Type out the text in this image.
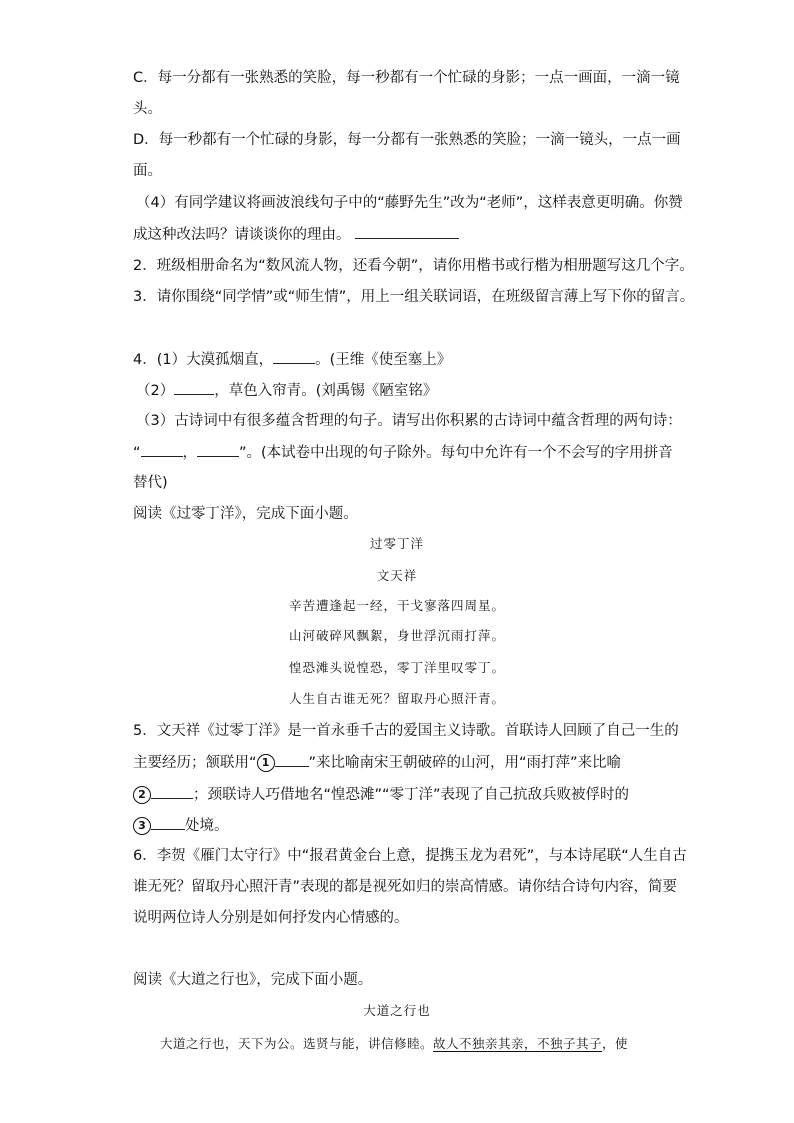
C．每一分都有一张熟悉的笑脸，每一秒都有一个忙碌的身影；一点一画面，一滴一镜
头。
D．每一秒都有一个忙碌的身影，每一分都有一张熟悉的笑脸；一滴一镜头，一点一画
面。
（4）有同学建议将画波浪线句子中的“藤野先生”改为“老师”，这样表意更明确。你赞
成这种改法吗？请谈谈你的理由。
2．班级相册命名为“数风流人物，还看今朝”，请你用楷书或行楷为相册题写这几个字。
3．请你围绕“同学情”或“师生情”，用上一组关联词语，在班级留言薄上写下你的留言。
4．(1）大漠孤烟直，	。(王维《使至塞上》
（2）	，草色入帘青。(刘禹锡《陋室铭》
（3）古诗词中有很多蕴含哲理的句子。请写出你积累的古诗词中蕴含哲理的两句诗：
“	，	”。(本试卷中出现的句子除外。每句中允许有一个不会写的字用拼音
替代)
阅读《过零丁洋》，完成下面小题。
过零丁洋
文天祥
辛苦遭逢起一经，干戈寥落四周星。
山河破碎风飘絮，身世浮沉雨打萍。
惶恐滩头说惶恐，零丁洋里叹零丁。
人生自古谁无死？留取丹心照汗青。
5．文天祥《过零丁洋》是一首永垂千古的爱国主义诗歌。首联诗人回顾了自己一生的
主要经历；颔联用“ 1	”来比喻南宋王朝破碎的山河，用“雨打萍”来比喻
2	；颈联诗人巧借地名“惶恐滩”“零丁洋”表现了自己抗敌兵败被俘时的
3	处境。
6．李贺《雁门太守行》中“报君黄金台上意，提携玉龙为君死”，与本诗尾联“人生自古
谁无死？留取丹心照汗青”表现的都是视死如归的崇高情感。请你结合诗句内容，简要
说明两位诗人分别是如何抒发内心情感的。
阅读《大道之行也》，完成下面小题。
大道之行也
大道之行也，天下为公。选贤与能，讲信修睦。故人不独亲其亲，不独子其子，使
